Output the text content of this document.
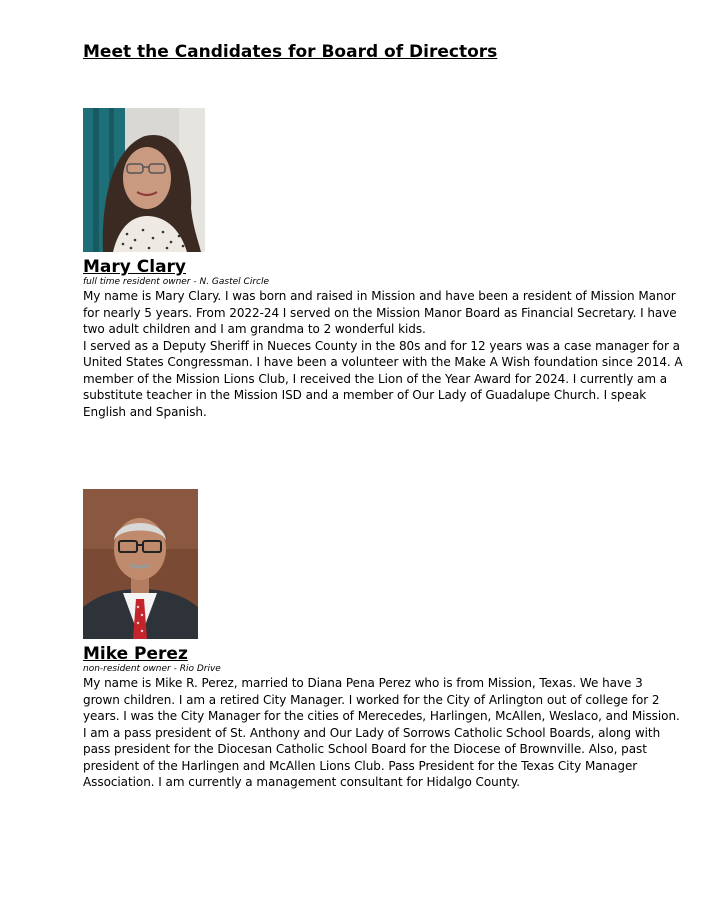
Meet the Candidates for Board of Directors
Mary Clary
full time resident owner - N. Gastel Circle

My name is Mary Clary. I was born and raised in Mission and have been a resident of Mission Manor for nearly 5 years. From 2022-24 I served on the Mission Manor Board as Financial Secretary. I have two adult children and I am grandma to 2 wonderful kids.

I served as a Deputy Sheriff in Nueces County in the 80s and for 12 years was a case manager for a United States Congressman. I have been a volunteer with the Make A Wish foundation since 2014. A member of the Mission Lions Club, I received the Lion of the Year Award for 2024. I currently am a substitute teacher in the Mission ISD and a member of Our Lady of Guadalupe Church. I speak English and Spanish.

Mike Perez
non-resident owner - Rio Drive

My name is Mike R. Perez, married to Diana Pena Perez who is from Mission, Texas. We have 3 grown children. I am a retired City Manager. I worked for the City of Arlington out of college for 2 years. I was the City Manager for the cities of Merecedes, Harlingen, McAllen, Weslaco, and Mission. I am a pass president of St. Anthony and Our Lady of Sorrows Catholic School Boards, along with pass president for the Diocesan Catholic School Board for the Diocese of Brownville. Also, past president of the Harlingen and McAllen Lions Club. Pass President for the Texas City Manager Association. I am currently a management consultant for Hidalgo County.
